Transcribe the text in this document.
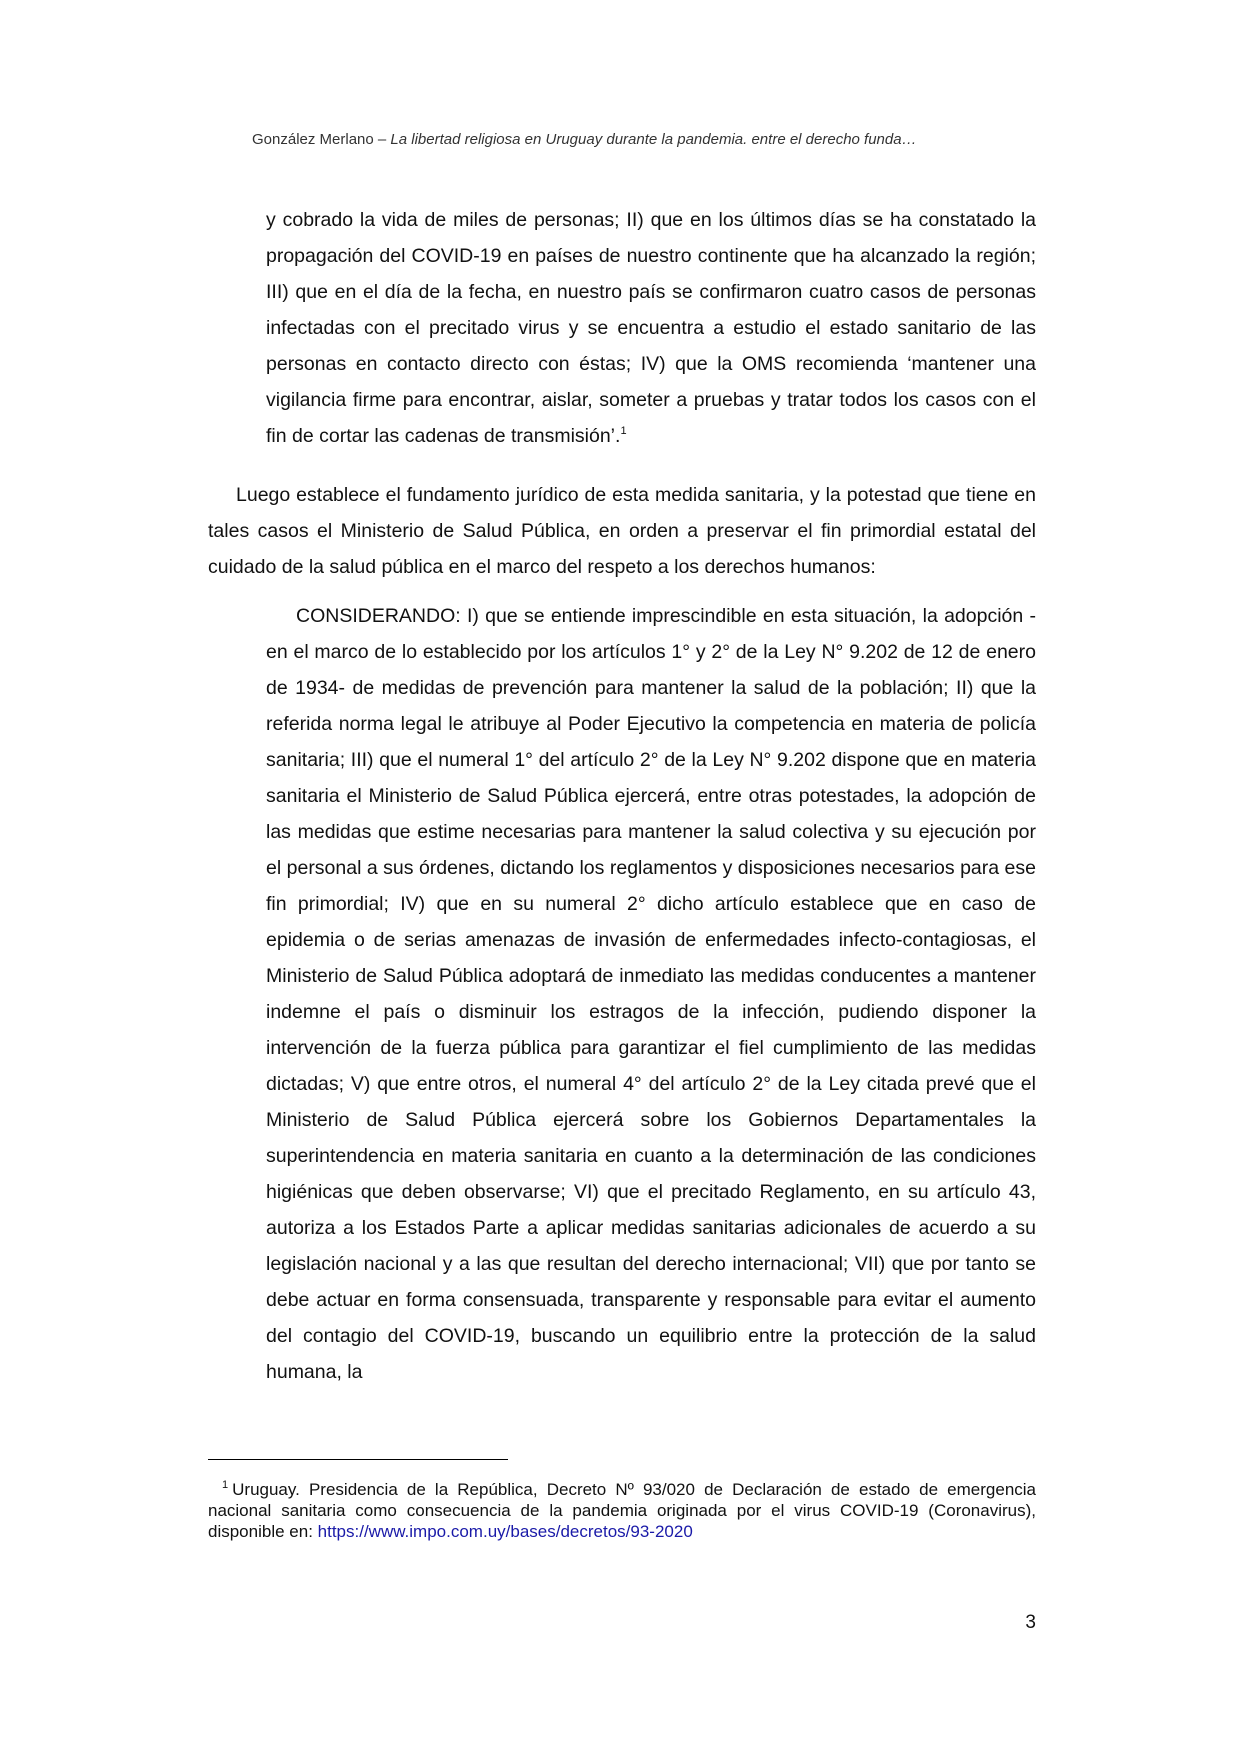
González Merlano – La libertad religiosa en Uruguay durante la pandemia. entre el derecho funda…
y cobrado la vida de miles de personas; II) que en los últimos días se ha constatado la propagación del COVID-19 en países de nuestro continente que ha alcanzado la región; III) que en el día de la fecha, en nuestro país se confirmaron cuatro casos de personas infectadas con el precitado virus y se encuentra a estudio el estado sanitario de las personas en contacto directo con éstas; IV) que la OMS recomienda ‘mantener una vigilancia firme para encontrar, aislar, someter a pruebas y tratar todos los casos con el fin de cortar las cadenas de transmisión’.$^1$
Luego establece el fundamento jurídico de esta medida sanitaria, y la potestad que tiene en tales casos el Ministerio de Salud Pública, en orden a preservar el fin primordial estatal del cuidado de la salud pública en el marco del respeto a los derechos humanos:
CONSIDERANDO: I) que se entiende imprescindible en esta situación, la adopción - en el marco de lo establecido por los artículos 1° y 2° de la Ley N° 9.202 de 12 de enero de 1934- de medidas de prevención para mantener la salud de la población; II) que la referida norma legal le atribuye al Poder Ejecutivo la competencia en materia de policía sanitaria; III) que el numeral 1° del artículo 2° de la Ley N° 9.202 dispone que en materia sanitaria el Ministerio de Salud Pública ejercerá, entre otras potestades, la adopción de las medidas que estime necesarias para mantener la salud colectiva y su ejecución por el personal a sus órdenes, dictando los reglamentos y disposiciones necesarios para ese fin primordial; IV) que en su numeral 2° dicho artículo establece que en caso de epidemia o de serias amenazas de invasión de enfermedades infecto-contagiosas, el Ministerio de Salud Pública adoptará de inmediato las medidas conducentes a mantener indemne el país o disminuir los estragos de la infección, pudiendo disponer la intervención de la fuerza pública para garantizar el fiel cumplimiento de las medidas dictadas; V) que entre otros, el numeral 4° del artículo 2° de la Ley citada prevé que el Ministerio de Salud Pública ejercerá sobre los Gobiernos Departamentales la superintendencia en materia sanitaria en cuanto a la determinación de las condiciones higiénicas que deben observarse; VI) que el precitado Reglamento, en su artículo 43, autoriza a los Estados Parte a aplicar medidas sanitarias adicionales de acuerdo a su legislación nacional y a las que resultan del derecho internacional; VII) que por tanto se debe actuar en forma consensuada, transparente y responsable para evitar el aumento del contagio del COVID-19, buscando un equilibrio entre la protección de la salud humana, la
$^1$ Uruguay. Presidencia de la República, Decreto Nº 93/020 de Declaración de estado de emergencia nacional sanitaria como consecuencia de la pandemia originada por el virus COVID-19 (Coronavirus), disponible en: https://www.impo.com.uy/bases/decretos/93-2020
3
